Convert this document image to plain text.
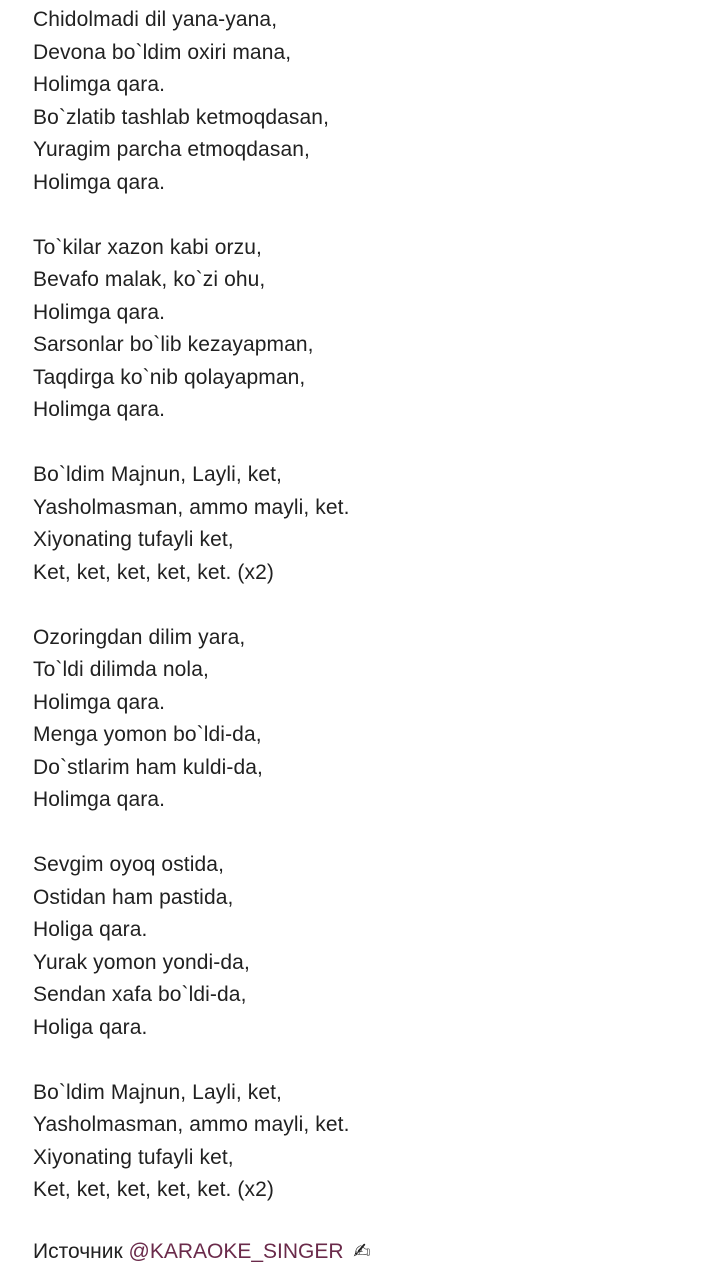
Chidolmadi dil yana-yana,
Devona bo`ldim oxiri mana,
Holimga qara.
Bo`zlatib tashlab ketmoqdasan,
Yuragim parcha etmoqdasan,
Holimga qara.
To`kilar xazon kabi orzu,
Bevafo malak, ko`zi ohu,
Holimga qara.
Sarsonlar bo`lib kezayapman,
Taqdirga ko`nib qolayapman,
Holimga qara.
Bo`ldim Majnun, Layli, ket,
Yasholmasman, ammo mayli, ket.
Xiyonating tufayli ket,
Ket, ket, ket, ket, ket. (x2)
Ozoringdan dilim yara,
To`ldi dilimda nola,
Holimga qara.
Menga yomon bo`ldi-da,
Do`stlarim ham kuldi-da,
Holimga qara.
Sevgim oyoq ostida,
Ostidan ham pastida,
Holiga qara.
Yurak yomon yondi-da,
Sendan xafa bo`ldi-da,
Holiga qara.
Bo`ldim Majnun, Layli, ket,
Yasholmasman, ammo mayli, ket.
Xiyonating tufayli ket,
Ket, ket, ket, ket, ket. (x2)
Источник @KARAOKE_SINGER ✍
